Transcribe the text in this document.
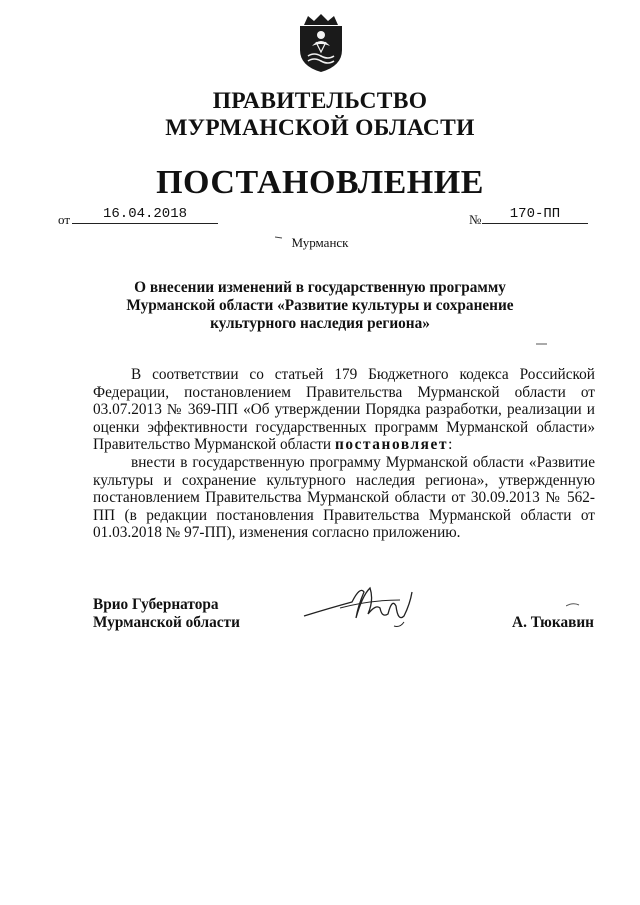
ПРАВИТЕЛЬСТВО
МУРМАНСКОЙ ОБЛАСТИ
ПОСТАНОВЛЕНИЕ
от	16.04.2018	№	170-ПП
Мурманск
О внесении изменений в государственную программу Мурманской области «Развитие культуры и сохранение культурного наследия региона»

В соответствии со статьей 179 Бюджетного кодекса Российской Федерации, постановлением Правительства Мурманской области от 03.07.2013 № 369-ПП «Об утверждении Порядка разработки, реализации и оценки эффективности государственных программ Мурманской области» Правительство Мурманской области постановляет:

внести в государственную программу Мурманской области «Развитие культуры и сохранение культурного наследия региона», утвержденную постановлением Правительства Мурманской области от 30.09.2013 № 562-ПП (в редакции постановления Правительства Мурманской области от 01.03.2018 № 97-ПП), изменения согласно приложению.

Врио Губернатора
Мурманской области	А. Тюкавин
